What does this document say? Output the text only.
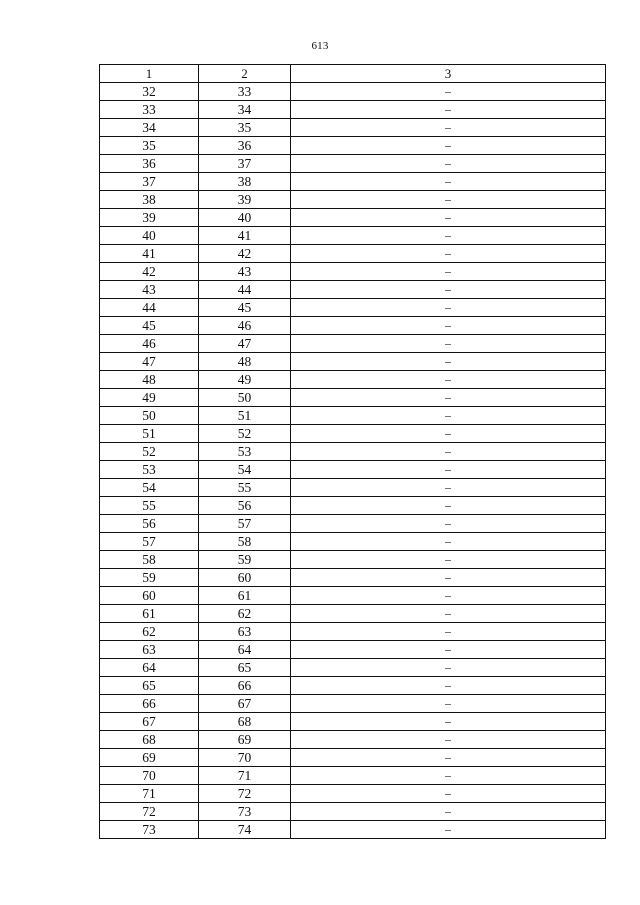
613
1	2	3
32	33	–
33	34	–
34	35	–
35	36	–
36	37	–
37	38	–
38	39	–
39	40	–
40	41	–
41	42	–
42	43	–
43	44	–
44	45	–
45	46	–
46	47	–
47	48	–
48	49	–
49	50	–
50	51	–
51	52	–
52	53	–
53	54	–
54	55	–
55	56	–
56	57	–
57	58	–
58	59	–
59	60	–
60	61	–
61	62	–
62	63	–
63	64	–
64	65	–
65	66	–
66	67	–
67	68	–
68	69	–
69	70	–
70	71	–
71	72	–
72	73	–
73	74	–
